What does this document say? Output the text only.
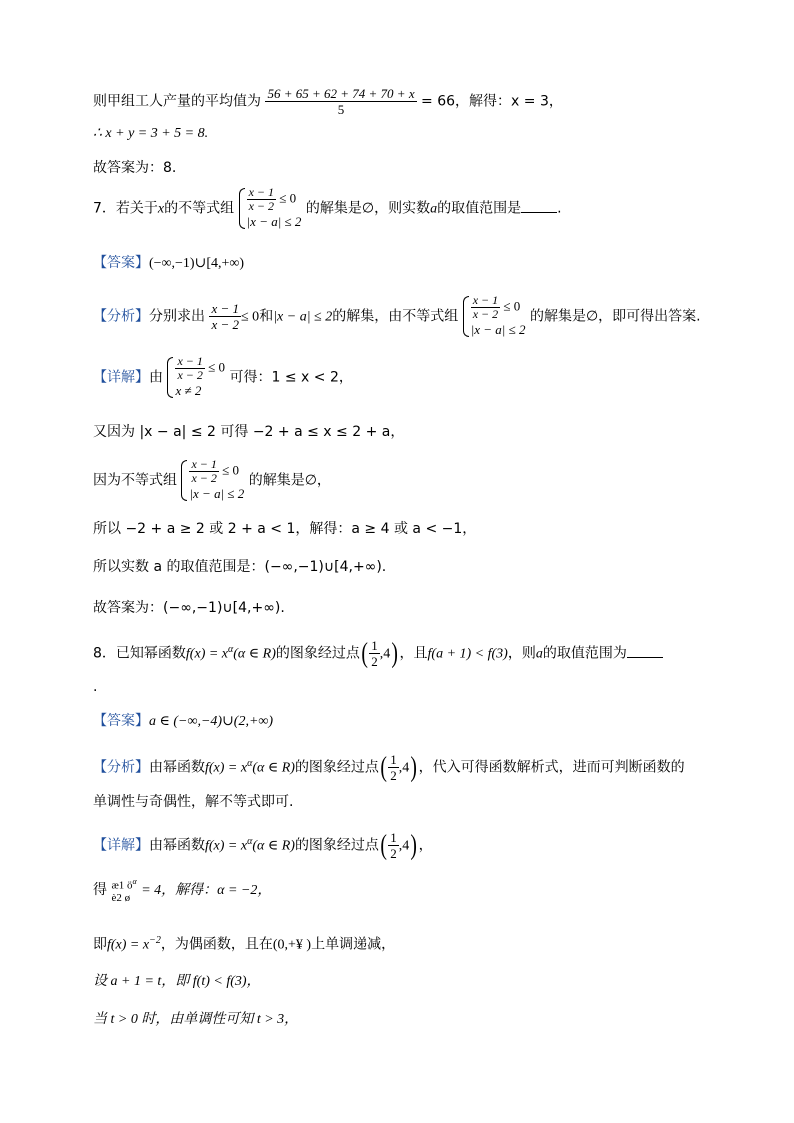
则甲组工人产量的平均值为 $\frac{56 + 65 + 62 + 74 + 70 + x}{5} = 66$，解得：x = 3，
∴ x + y = 3 + 5 = 8.
故答案为：8.
7．若关于x的不等式组 $\frac{x - 1}{x - 2} \le 0$
|x − a| ≤ 2
的解集是∅，则实数a的取值范围是	.
【答案】(−∞,−1)∪[4,+∞)
【分析】分别求出 $\frac{x - 1}{x - 2} \le 0$和|x − a| ≤ 2的解集，由不等式组 $\frac{x - 1}{x - 2} \le 0$
|x − a| ≤ 2
的解集是∅，即可得出答案.
【详解】由 $\frac{x - 1}{x - 2} \le 0$
x ≠ 2
可得：1 ≤ x < 2，
又因为 |x − a| ≤ 2 可得 −2 + a ≤ x ≤ 2 + a，
因为不等式组 $\frac{x - 1}{x - 2} \le 0$
|x − a| ≤ 2
的解集是∅，
所以 −2 + a ≥ 2 或 2 + a < 1，解得：a ≥ 4 或 a < −1，
所以实数 a 的取值范围是：(−∞,−1)∪[4,+∞).
故答案为：(−∞,−1)∪[4,+∞).
8．已知幂函数$f(x) = x^\alpha(\alpha$ ∈ R)的图象经过点( $\frac{1}{2} ,4$)，且f(a + 1) < f(3)，则a的取值范围为
.
【答案】a ∈ (−∞,−4)∪(2,+∞)
【分析】由幂函数$f(x) = x^\alpha(\alpha$ ∈ R)的图象经过点( $\frac{1}{2} ,4$)，代入可得函数解析式，进而可判断函数的
单调性与奇偶性，解不等式即可.
【详解】由幂函数$f(x) = x^\alpha(\alpha$ ∈ R)的图象经过点( $\frac{1}{2} ,4$)，
得 æ1 $ö^\alpha$
è2 ø = 4，解得：α = −2，
即$f(x) = x^{-2}$，为偶函数，且在(0,+¥ )上单调递减，
设 a + 1 = t，即 f(t) < f(3)，
当 t > 0 时，由单调性可知 t > 3，
